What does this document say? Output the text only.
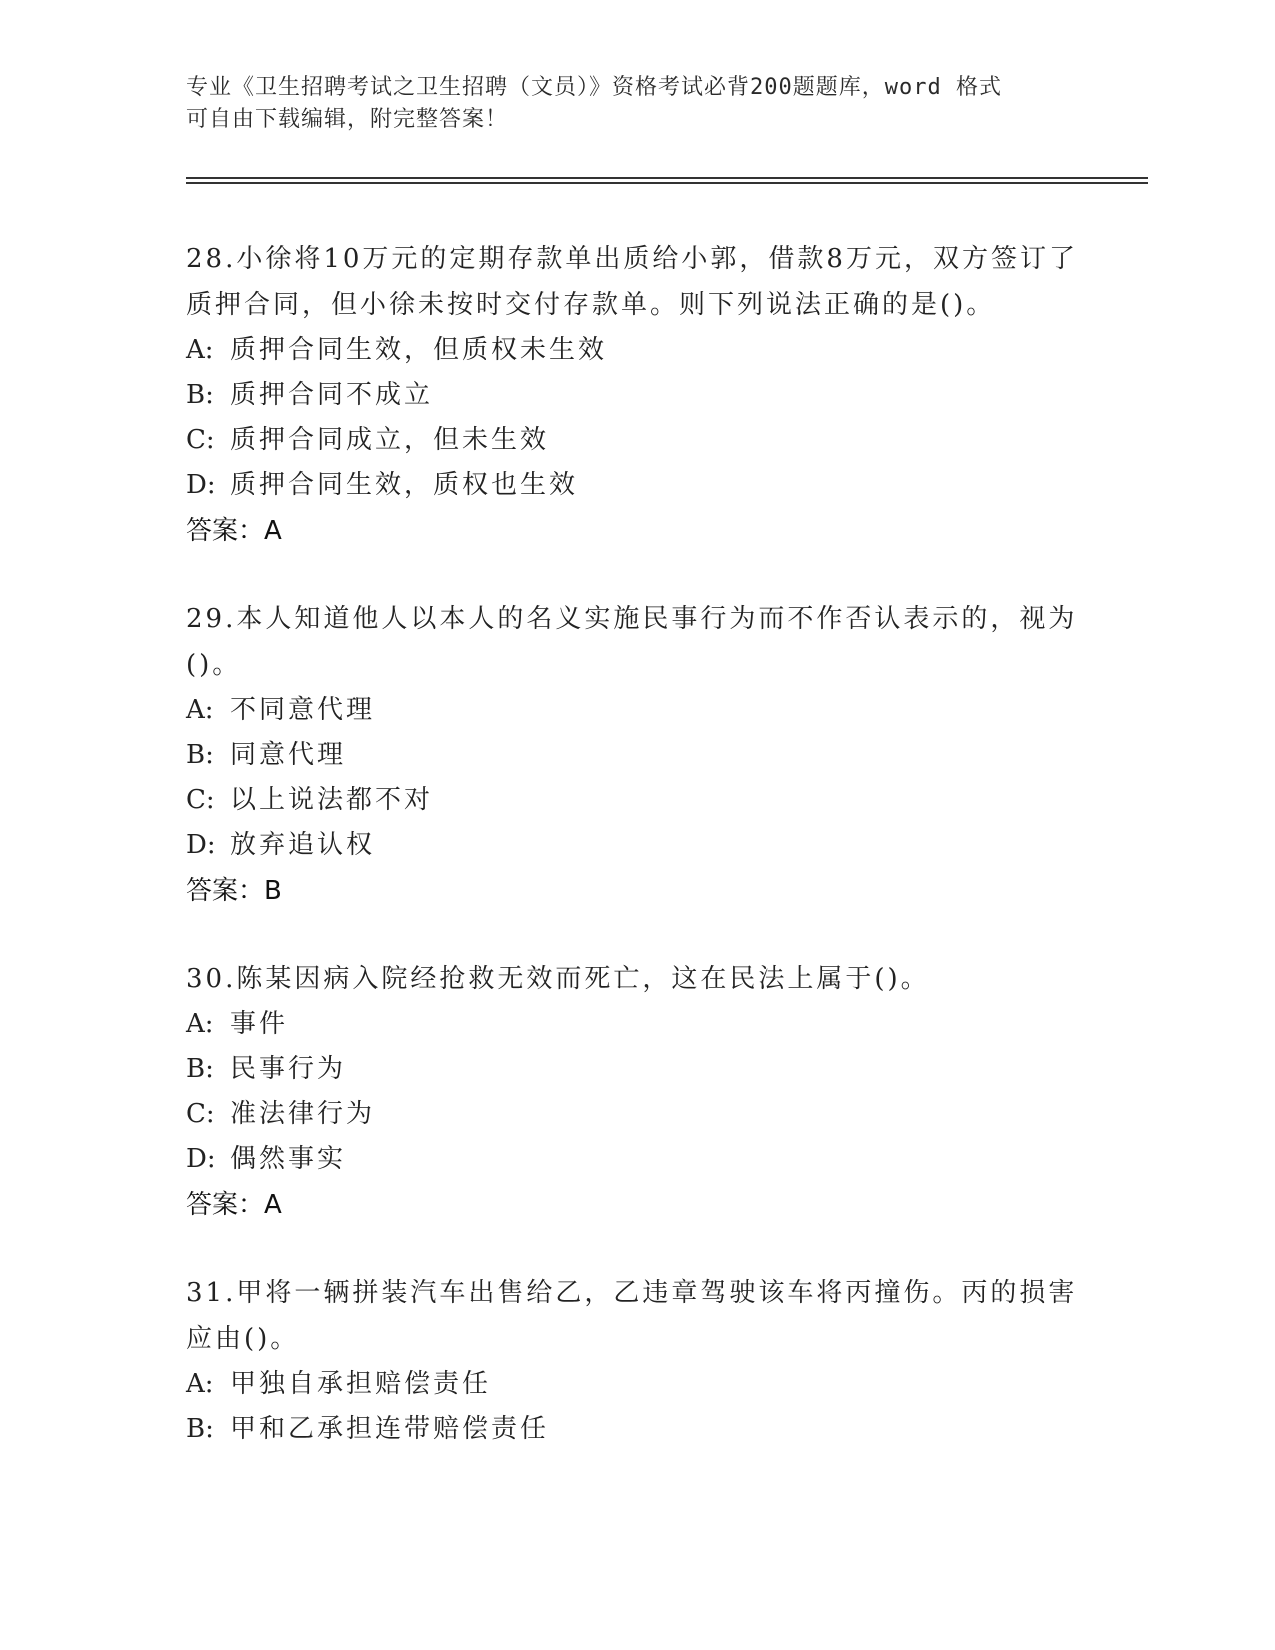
专业《卫生招聘考试之卫生招聘（文员）》资格考试必背200题题库，word 格式
可自由下载编辑，附完整答案！
28.小徐将10万元的定期存款单出质给小郭，借款8万元，双方签订了质押合同，但小徐未按时交付存款单。则下列说法正确的是()。
A: 质押合同生效，但质权未生效
B: 质押合同不成立
C: 质押合同成立，但未生效
D: 质押合同生效，质权也生效
答案：A
29.本人知道他人以本人的名义实施民事行为而不作否认表示的，视为()。
A: 不同意代理
B: 同意代理
C: 以上说法都不对
D: 放弃追认权
答案：B
30.陈某因病入院经抢救无效而死亡，这在民法上属于()。
A: 事件
B: 民事行为
C: 准法律行为
D: 偶然事实
答案：A
31.甲将一辆拼装汽车出售给乙，乙违章驾驶该车将丙撞伤。丙的损害应由()。
A: 甲独自承担赔偿责任
B: 甲和乙承担连带赔偿责任
